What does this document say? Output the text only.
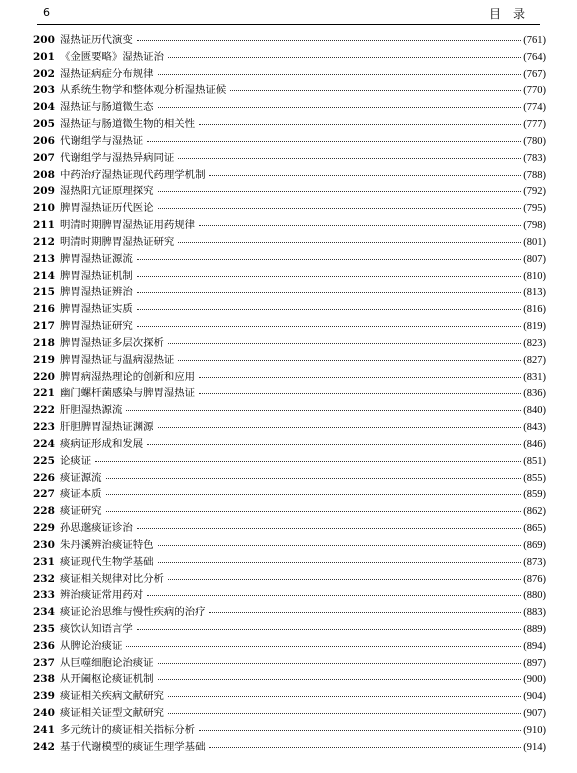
6	目录
200 湿热证历代演变	(761)
201 《金匮要略》湿热证治	(764)
202 湿热证病症分布规律	(767)
203 从系统生物学和整体观分析湿热证候	(770)
204 湿热证与肠道微生态	(774)
205 湿热证与肠道微生物的相关性	(777)
206 代谢组学与湿热证	(780)
207 代谢组学与湿热异病同证	(783)
208 中药治疗湿热证现代药理学机制	(788)
209 湿热阳亢证原理探究	(792)
210 脾胃湿热证历代医论	(795)
211 明清时期脾胃湿热证用药规律	(798)
212 明清时期脾胃湿热证研究	(801)
213 脾胃湿热证源流	(807)
214 脾胃湿热证机制	(810)
215 脾胃湿热证辨治	(813)
216 脾胃湿热证实质	(816)
217 脾胃湿热证研究	(819)
218 脾胃湿热证多层次探析	(823)
219 脾胃湿热证与温病湿热证	(827)
220 脾胃病湿热理论的创新和应用	(831)
221 幽门螺杆菌感染与脾胃湿热证	(836)
222 肝胆湿热源流	(840)
223 肝胆脾胃湿热证渊源	(843)
224 痰病证形成和发展	(846)
225 论痰证	(851)
226 痰证源流	(855)
227 痰证本质	(859)
228 痰证研究	(862)
229 孙思邈痰证诊治	(865)
230 朱丹溪辨治痰证特色	(869)
231 痰证现代生物学基础	(873)
232 痰证相关规律对比分析	(876)
233 辨治痰证常用药对	(880)
234 痰证论治思维与慢性疾病的治疗	(883)
235 痰饮认知语言学	(889)
236 从脾论治痰证	(894)
237 从巨噬细胞论治痰证	(897)
238 从开阖枢论痰证机制	(900)
239 痰证相关疾病文献研究	(904)
240 痰证相关证型文献研究	(907)
241 多元统计的痰证相关指标分析	(910)
242 基于代谢模型的痰证生理学基础	(914)
